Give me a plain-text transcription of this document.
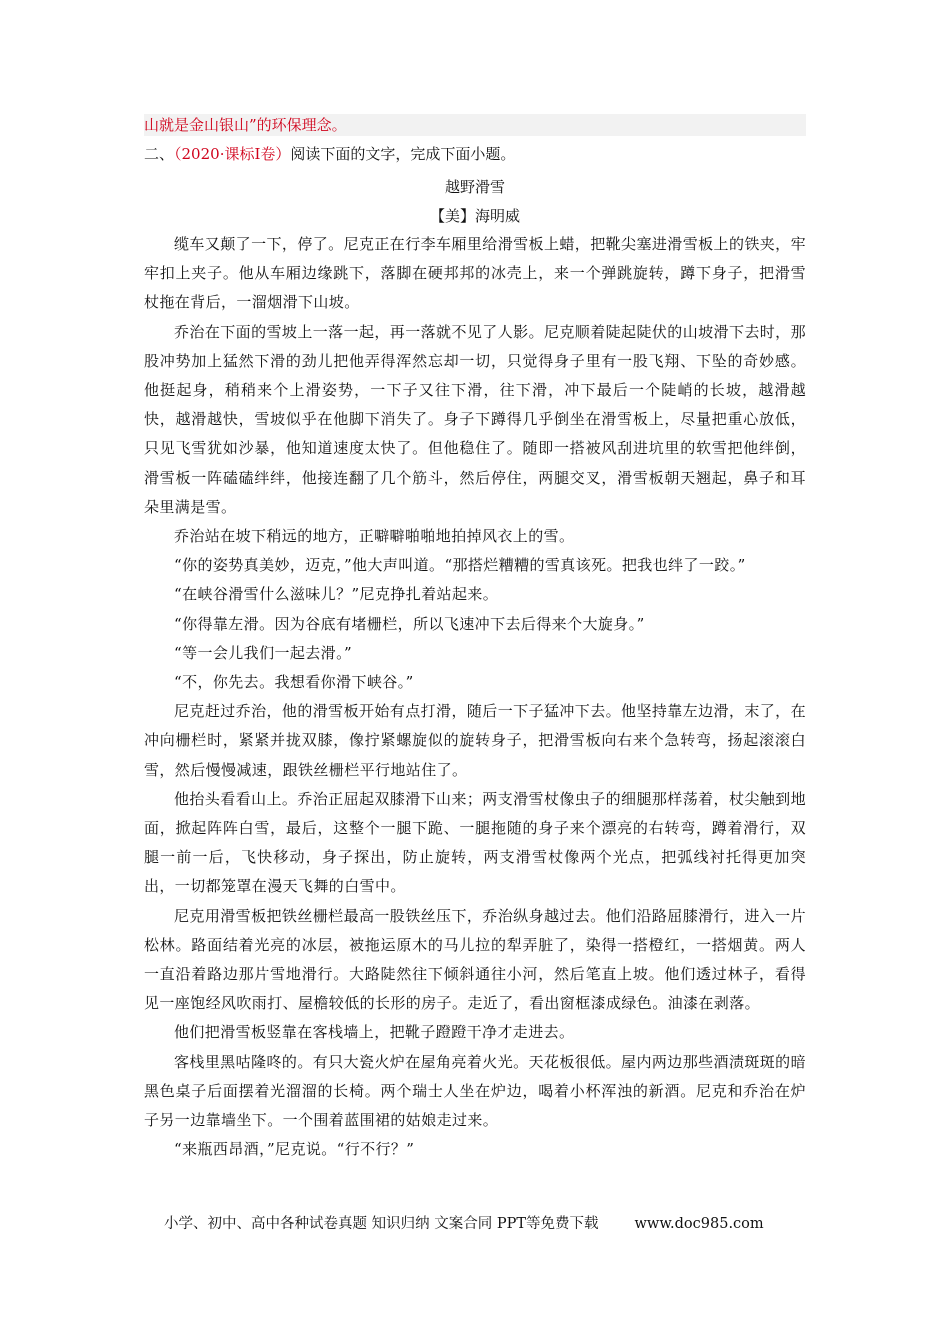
山就是金山银山”的环保理念。
二、（2020·课标Ⅰ卷）阅读下面的文字，完成下面小题。
越野滑雪
【美】海明威

缆车又颠了一下，停了。尼克正在行李车厢里给滑雪板上蜡，把靴尖塞进滑雪板上的铁夹，牢牢扣上夹子。他从车厢边缘跳下，落脚在硬邦邦的冰壳上，来一个弹跳旋转，蹲下身子，把滑雪杖拖在背后，一溜烟滑下山坡。

乔治在下面的雪坡上一落一起，再一落就不见了人影。尼克顺着陡起陡伏的山坡滑下去时，那股冲势加上猛然下滑的劲儿把他弄得浑然忘却一切，只觉得身子里有一股飞翔、下坠的奇妙感。他挺起身，稍稍来个上滑姿势，一下子又往下滑，往下滑，冲下最后一个陡峭的长坡，越滑越快，越滑越快，雪坡似乎在他脚下消失了。身子下蹲得几乎倒坐在滑雪板上，尽量把重心放低，只见飞雪犹如沙暴，他知道速度太快了。但他稳住了。随即一搭被风刮进坑里的软雪把他绊倒，滑雪板一阵磕磕绊绊，他接连翻了几个筋斗，然后停住，两腿交叉，滑雪板朝天翘起，鼻子和耳朵里满是雪。

乔治站在坡下稍远的地方，正噼噼啪啪地拍掉风衣上的雪。

“你的姿势真美妙，迈克，”他大声叫道。“那搭烂糟糟的雪真该死。把我也绊了一跤。”

“在峡谷滑雪什么滋味儿？”尼克挣扎着站起来。

“你得靠左滑。因为谷底有堵栅栏，所以飞速冲下去后得来个大旋身。”

“等一会儿我们一起去滑。”

“不，你先去。我想看你滑下峡谷。”

尼克赶过乔治，他的滑雪板开始有点打滑，随后一下子猛冲下去。他坚持靠左边滑，末了，在冲向栅栏时，紧紧并拢双膝，像拧紧螺旋似的旋转身子，把滑雪板向右来个急转弯，扬起滚滚白雪，然后慢慢减速，跟铁丝栅栏平行地站住了。

他抬头看看山上。乔治正屈起双膝滑下山来；两支滑雪杖像虫子的细腿那样荡着，杖尖触到地面，掀起阵阵白雪，最后，这整个一腿下跪、一腿拖随的身子来个漂亮的右转弯，蹲着滑行，双腿一前一后，飞快移动，身子探出，防止旋转，两支滑雪杖像两个光点，把弧线衬托得更加突出，一切都笼罩在漫天飞舞的白雪中。

尼克用滑雪板把铁丝栅栏最高一股铁丝压下，乔治纵身越过去。他们沿路屈膝滑行，进入一片松林。路面结着光亮的冰层，被拖运原木的马儿拉的犁弄脏了，染得一搭橙红，一搭烟黄。两人一直沿着路边那片雪地滑行。大路陡然往下倾斜通往小河，然后笔直上坡。他们透过林子，看得见一座饱经风吹雨打、屋檐较低的长形的房子。走近了，看出窗框漆成绿色。油漆在剥落。

他们把滑雪板竖靠在客栈墙上，把靴子蹬蹬干净才走进去。

客栈里黑咕隆咚的。有只大瓷火炉在屋角亮着火光。天花板很低。屋内两边那些酒渍斑斑的暗黑色桌子后面摆着光溜溜的长椅。两个瑞士人坐在炉边，喝着小杯浑浊的新酒。尼克和乔治在炉子另一边靠墙坐下。一个围着蓝围裙的姑娘走过来。

“来瓶西昂酒，”尼克说。“行不行？”

小学、初中、高中各种试卷真题 知识归纳 文案合同 PPT等免费下载 www.doc985.com
